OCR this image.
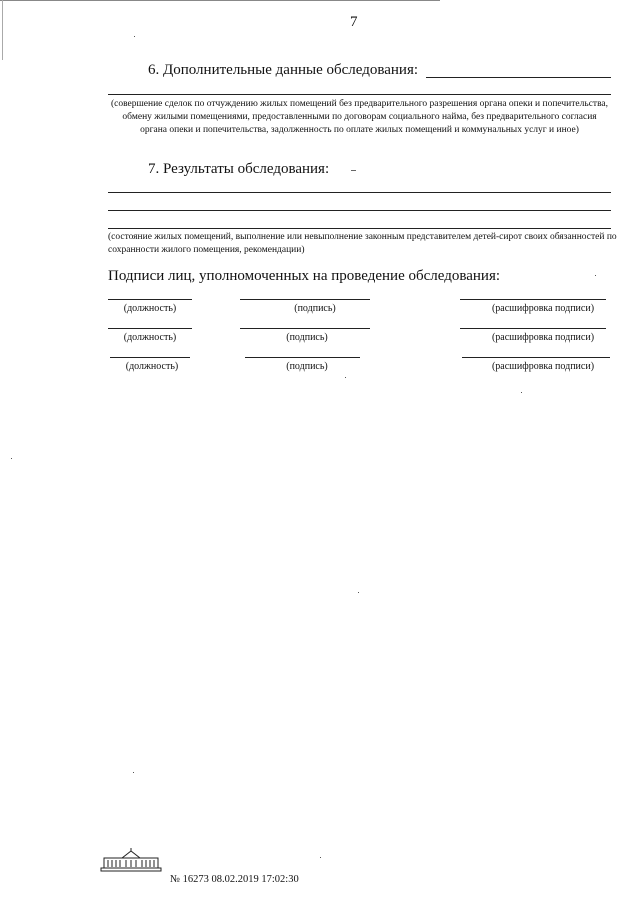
7
6. Дополнительные данные обследования:
(совершение сделок по отчуждению жилых помещений без предварительного разрешения органа опеки и попечительства, обмену жилыми помещениями, предоставленными по договорам социального найма, без предварительного согласия органа опеки и попечительства, задолженность по оплате жилых помещений и коммунальных услуг и иное)
7. Результаты обследования:
(состояние жилых помещений, выполнение или невыполнение законным представителем детей-сирот своих обязанностей по сохранности жилого помещения, рекомендации)
Подписи лиц, уполномоченных на проведение обследования:
(должность)	(подпись)	(расшифровка подписи)
(должность)	(подпись)	(расшифровка подписи)
(должность)	(подпись)	(расшифровка подписи)
№ 16273 08.02.2019 17:02:30
